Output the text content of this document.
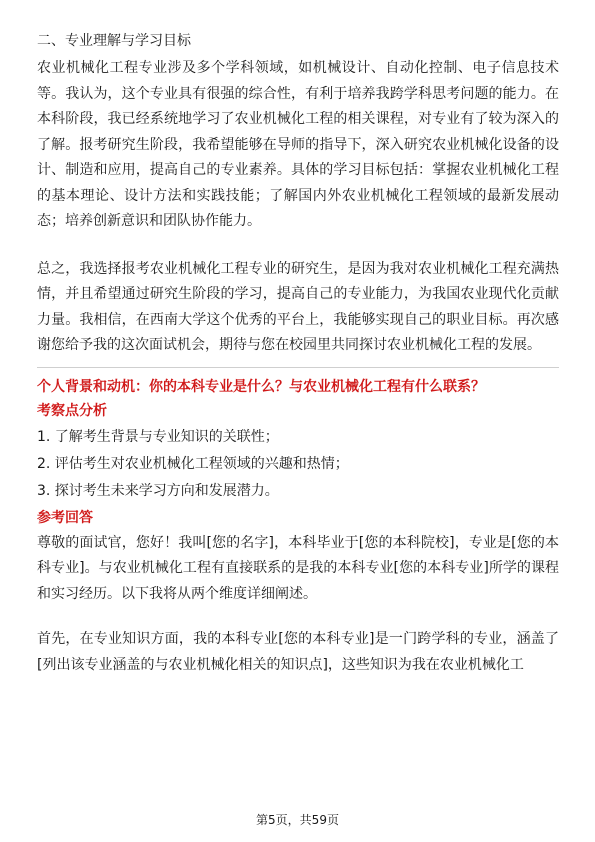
二、专业理解与学习目标

农业机械化工程专业涉及多个学科领域，如机械设计、自动化控制、电子信息技术等。我认为，这个专业具有很强的综合性，有利于培养我跨学科思考问题的能力。在本科阶段，我已经系统地学习了农业机械化工程的相关课程，对专业有了较为深入的了解。报考研究生阶段，我希望能够在导师的指导下，深入研究农业机械化设备的设计、制造和应用，提高自己的专业素养。具体的学习目标包括：掌握农业机械化工程的基本理论、设计方法和实践技能；了解国内外农业机械化工程领域的最新发展动态；培养创新意识和团队协作能力。

总之，我选择报考农业机械化工程专业的研究生，是因为我对农业机械化工程充满热情，并且希望通过研究生阶段的学习，提高自己的专业能力，为我国农业现代化贡献力量。我相信，在西南大学这个优秀的平台上，我能够实现自己的职业目标。再次感谢您给予我的这次面试机会，期待与您在校园里共同探讨农业机械化工程的发展。

个人背景和动机：你的本科专业是什么？与农业机械化工程有什么联系？

考察点分析

1. 了解考生背景与专业知识的关联性；
2. 评估考生对农业机械化工程领域的兴趣和热情；
3. 探讨考生未来学习方向和发展潜力。

参考回答

尊敬的面试官，您好！我叫[您的名字]，本科毕业于[您的本科院校]，专业是[您的本科专业]。与农业机械化工程有直接联系的是我的本科专业[您的本科专业]所学的课程和实习经历。以下我将从两个维度详细阐述。

首先，在专业知识方面，我的本科专业[您的本科专业]是一门跨学科的专业，涵盖了[列出该专业涵盖的与农业机械化相关的知识点]，这些知识为我在农业机械化工

第5页，共59页
